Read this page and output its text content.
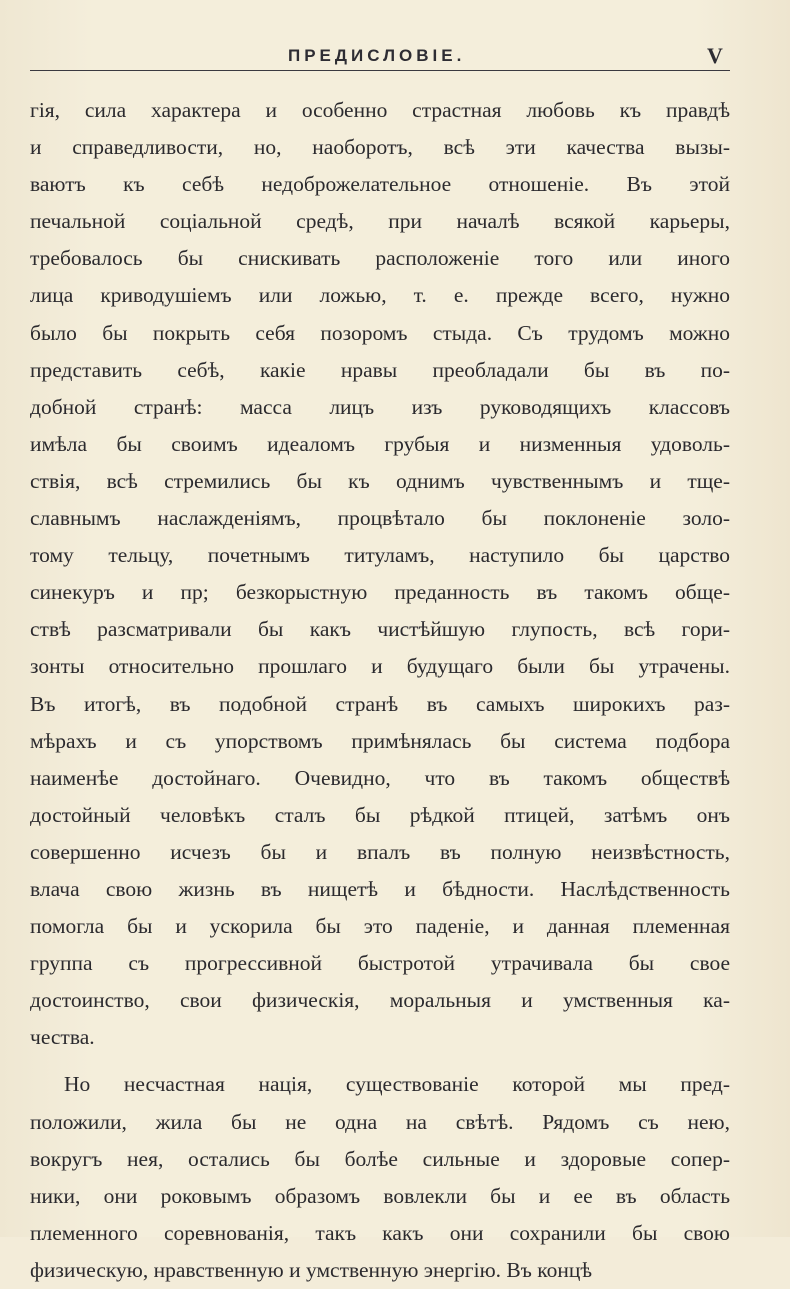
ПРЕДИСЛОВІЕ.	V
гія, сила характера и особенно страстная любовь къ правдѣ
и справедливости, но, наоборотъ, всѣ эти качества вызы-
ваютъ къ себѣ недоброжелательное отношеніе. Въ этой
печальной соціальной средѣ, при началѣ всякой карьеры,
требовалось бы снискивать расположеніе того или иного
лица криводушіемъ или ложью, т. е. прежде всего, нужно
было бы покрыть себя позоромъ стыда. Съ трудомъ можно
представить себѣ, какіе нравы преобладали бы въ по-
добной странѣ: масса лицъ изъ руководящихъ классовъ
имѣла бы своимъ идеаломъ грубыя и низменныя удоволь-
ствія, всѣ стремились бы къ однимъ чувственнымъ и тще-
славнымъ наслажденіямъ, процвѣтало бы поклоненіе золо-
тому тельцу, почетнымъ титуламъ, наступило бы царство
синекуръ и пр; безкорыстную преданность въ такомъ обще-
ствѣ разсматривали бы какъ чистѣйшую глупость, всѣ гори-
зонты относительно прошлаго и будущаго были бы утрачены.
Въ итогѣ, въ подобной странѣ въ самыхъ широкихъ раз-
мѣрахъ и съ упорствомъ примѣнялась бы система подбора
наименѣе достойнаго. Очевидно, что въ такомъ обществѣ
достойный человѣкъ сталъ бы рѣдкой птицей, затѣмъ онъ
совершенно исчезъ бы и впалъ въ полную неизвѣстность,
влача свою жизнь въ нищетѣ и бѣдности. Наслѣдственность
помогла бы и ускорила бы это паденіе, и данная племенная
группа съ прогрессивной быстротой утрачивала бы свое
достоинство, свои физическія, моральныя и умственныя ка-
чества.
Но несчастная нація, существованіе которой мы пред-
положили, жила бы не одна на свѣтѣ. Рядомъ съ нею,
вокругъ нея, остались бы болѣе сильные и здоровые сопер-
ники, они роковымъ образомъ вовлекли бы и ее въ область
племенного соревнованія, такъ какъ они сохранили бы свою
физическую, нравственную и умственную энергію. Въ концѣ
